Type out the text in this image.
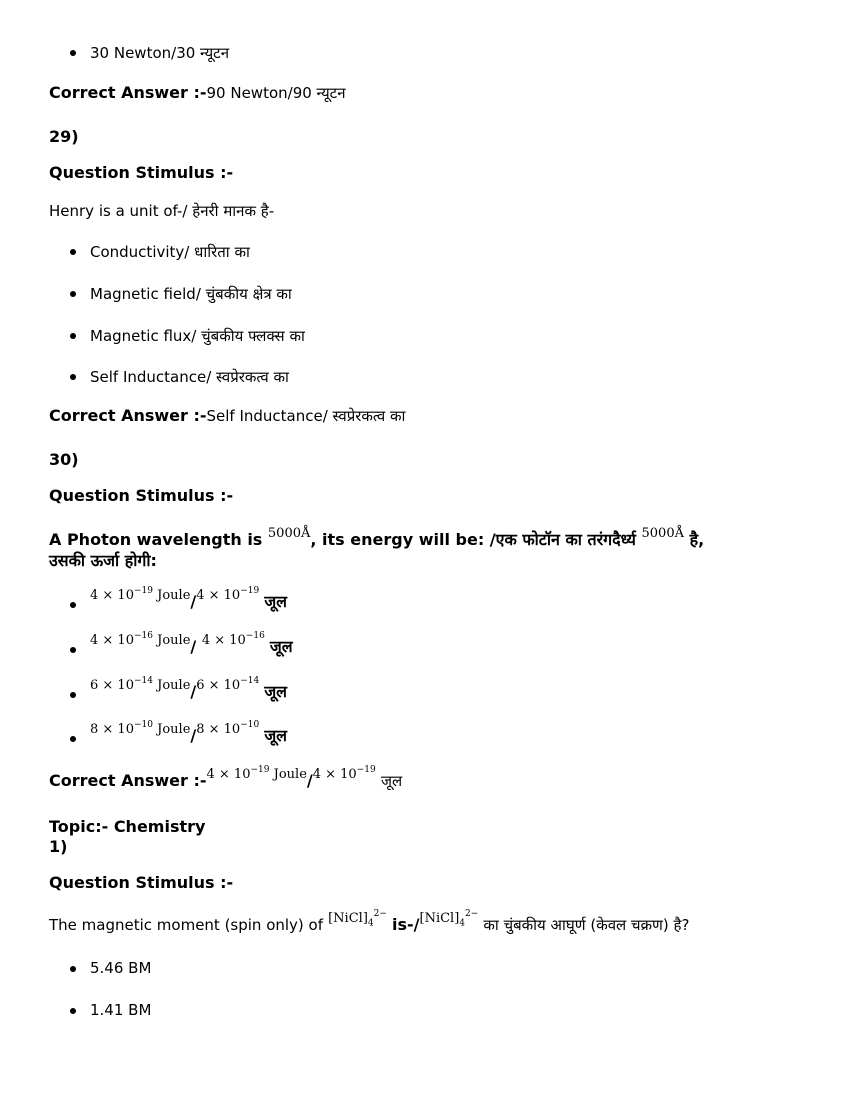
30 Newton/30 न्यूटन
Correct Answer :-90 Newton/90 न्यूटन
29)
Question Stimulus :-
Henry is a unit of-/ हेनरी मानक है-
Conductivity/ धारिता का
Magnetic field/ चुंबकीय क्षेत्र का
Magnetic flux/ चुंबकीय फ्लक्स का
Self Inductance/ स्वप्रेरकत्व का
Correct Answer :-Self Inductance/ स्वप्रेरकत्व का
30)
Question Stimulus :-
A Photon wavelength is $^{5000Å}$, its energy will be: /एक फोटॉन का तरंगदैर्ध्य $^{5000Å}$ है,
उसकी ऊर्जा होगी:
$^{4 \times 10^{-19} Joule}$/$^{4 \times 10^{-19}}$ जूल
$^{4 \times 10^{-16} Joule}$/ $^{4 \times 10^{-16}}$ जूल
$^{6 \times 10^{-14} Joule}$/$^{6 \times 10^{-14}}$ जूल
$^{8 \times 10^{-10} Joule}$/$^{8 \times 10^{-10}}$ जूल
Correct Answer :-$^{4 \times 10^{-19} Joule}$/$^{4 \times 10^{-19}}$ जूल
Topic:- Chemistry
1)
Question Stimulus :-
The magnetic moment (spin only) of $^{[NiCl]_4^{2-}}$ is-/$^{[NiCl]_4^{2-}}$ का चुंबकीय आघूर्ण (केवल चक्रण) है?
5.46 BM
1.41 BM
